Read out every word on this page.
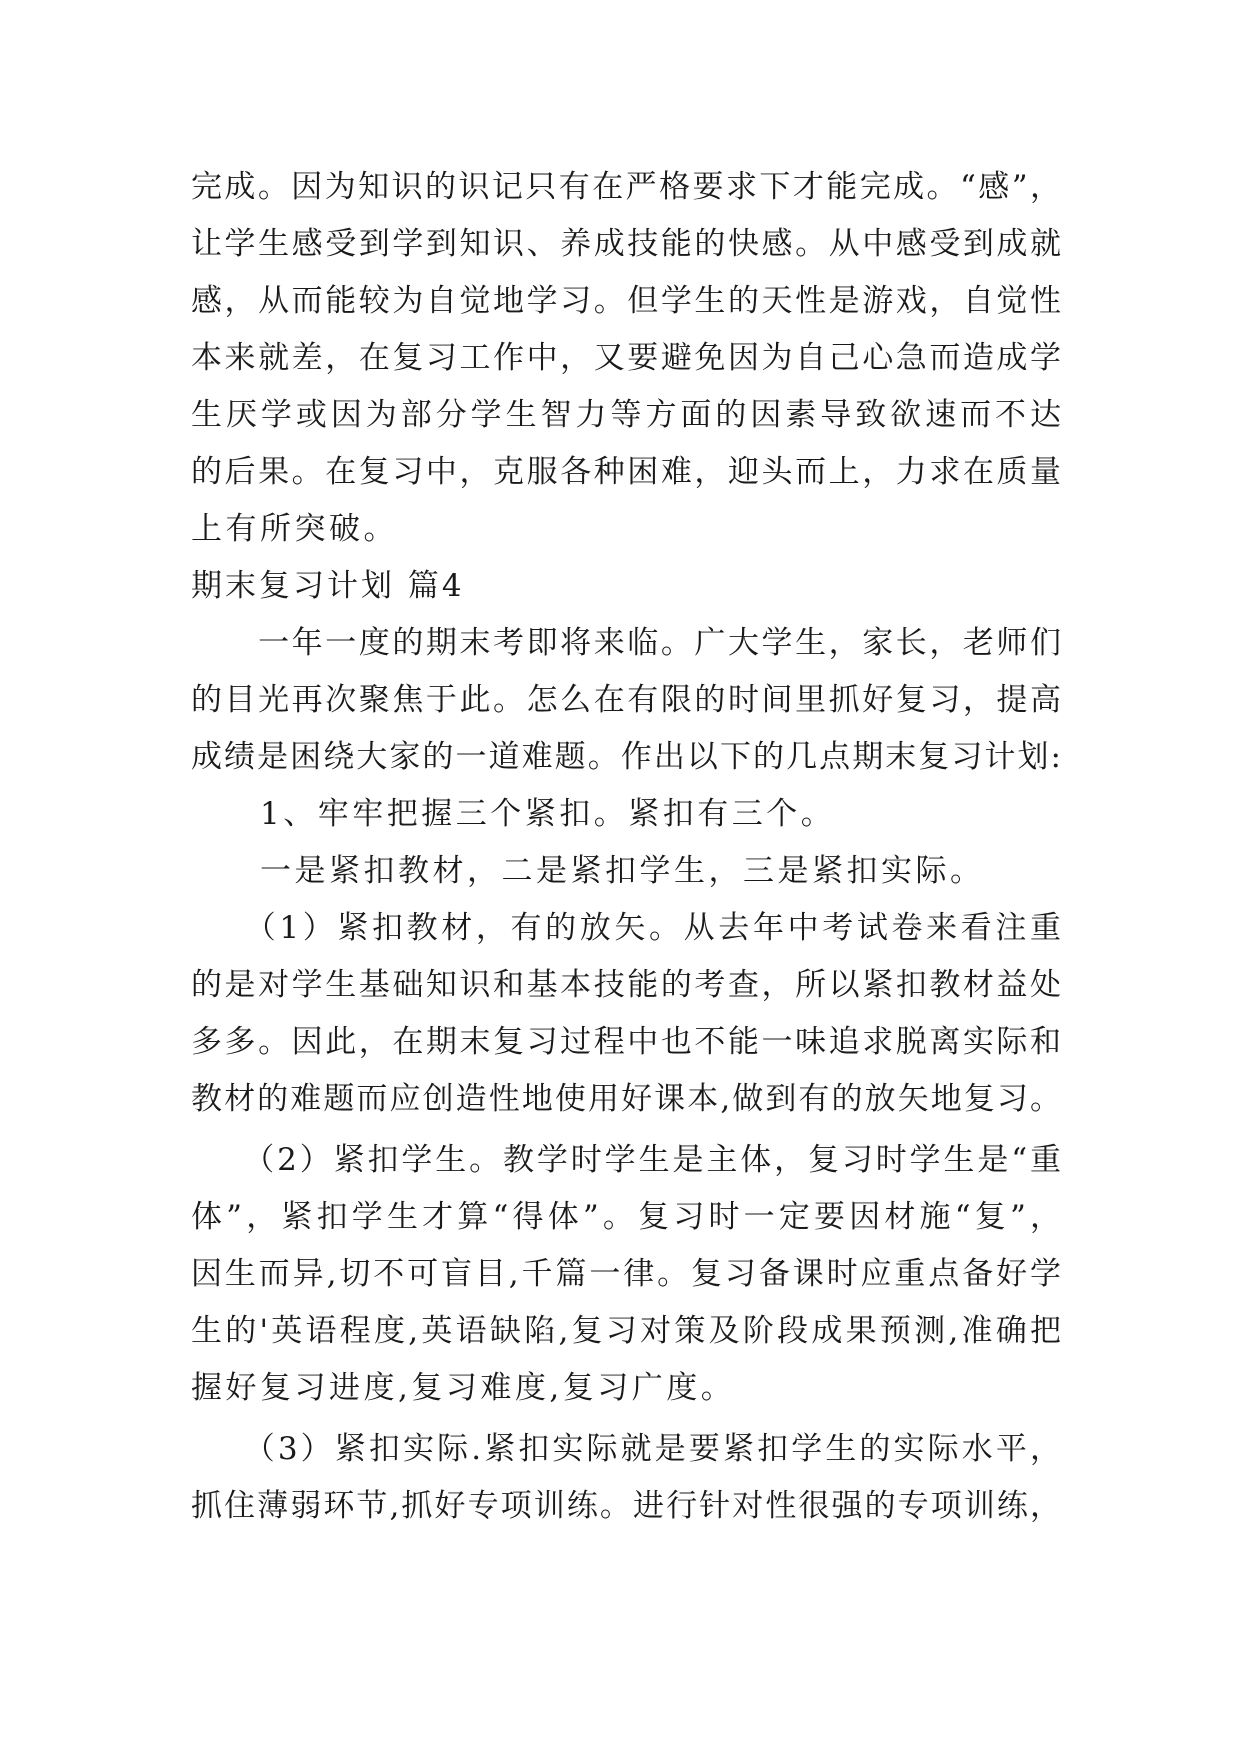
完成。因为知识的识记只有在严格要求下才能完成。“感”，
让学生感受到学到知识、养成技能的快感。从中感受到成就
感，从而能较为自觉地学习。但学生的天性是游戏，自觉性
本来就差，在复习工作中，又要避免因为自己心急而造成学
生厌学或因为部分学生智力等方面的因素导致欲速而不达
的后果。在复习中，克服各种困难，迎头而上，力求在质量
上有所突破。
期末复习计划 篇4
　　一年一度的期末考即将来临。广大学生，家长，老师们
的目光再次聚焦于此。怎么在有限的时间里抓好复习，提高
成绩是困绕大家的一道难题。作出以下的几点期末复习计划:
　　1、牢牢把握三个紧扣。紧扣有三个。
　　一是紧扣教材，二是紧扣学生，三是紧扣实际。
　　（1）紧扣教材，有的放矢。从去年中考试卷来看注重
的是对学生基础知识和基本技能的考查，所以紧扣教材益处
多多。因此，在期末复习过程中也不能一味追求脱离实际和
教材的难题而应创造性地使用好课本,做到有的放矢地复习。
　　（2）紧扣学生。教学时学生是主体，复习时学生是“重
体”，紧扣学生才算“得体”。复习时一定要因材施“复”，
因生而异,切不可盲目,千篇一律。复习备课时应重点备好学
生的'英语程度,英语缺陷,复习对策及阶段成果预测,准确把
握好复习进度,复习难度,复习广度。
　　（3）紧扣实际.紧扣实际就是要紧扣学生的实际水平，
抓住薄弱环节,抓好专项训练。进行针对性很强的专项训练，
